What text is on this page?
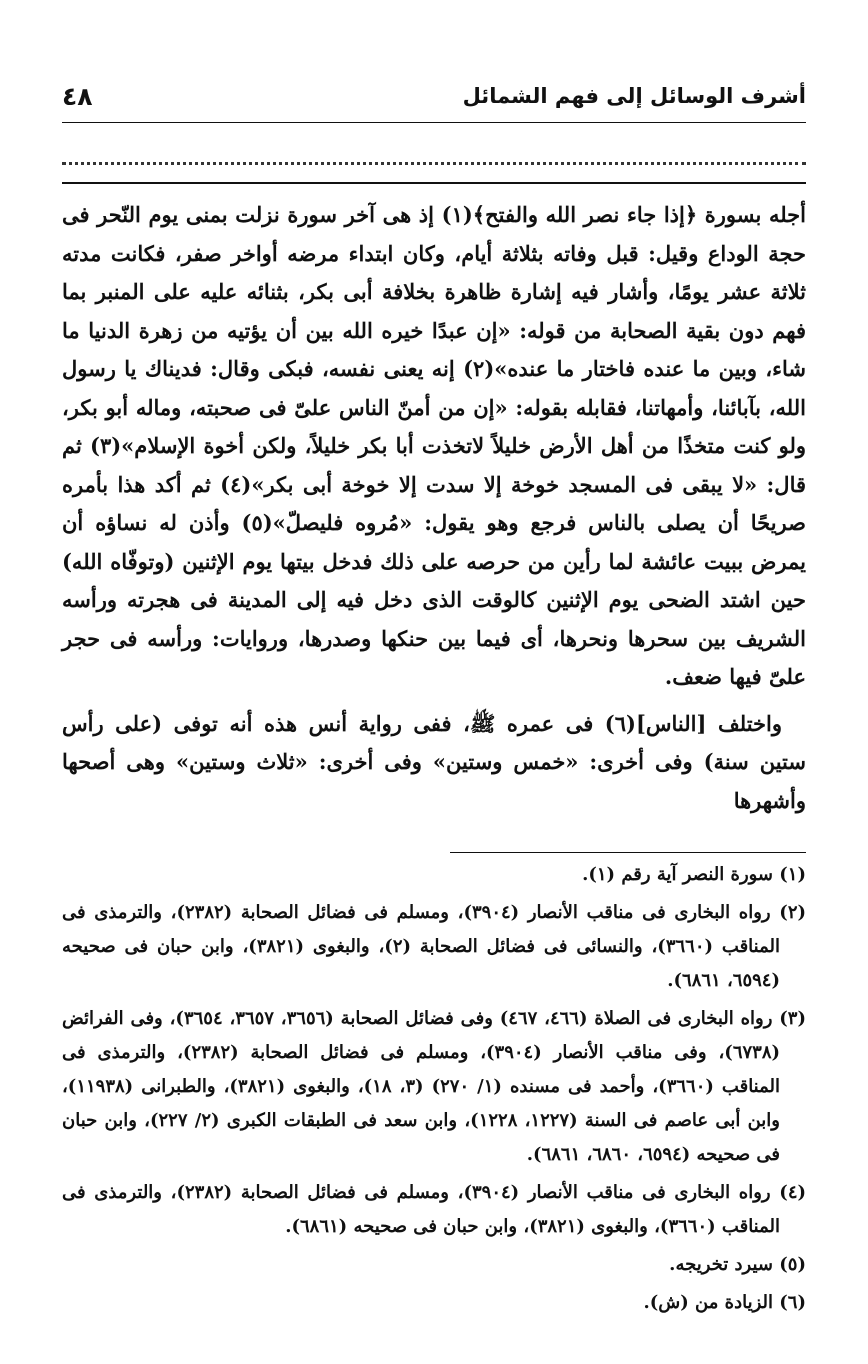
أشرف الوسائل إلى فهم الشمائل
٤٨

أجله بسورة ﴿إذا جاء نصر الله والفتح﴾(١) إذ هى آخر سورة نزلت بمنى يوم النّحر فى حجة الوداع وقيل: قبل وفاته بثلاثة أيام، وكان ابتداء مرضه أواخر صفر، فكانت مدته ثلاثة عشر يومًا، وأشار فيه إشارة ظاهرة بخلافة أبى بكر، بثنائه عليه على المنبر بما فهم دون بقية الصحابة من قوله: «إن عبدًا خيره الله بين أن يؤتيه من زهرة الدنيا ما شاء، وبين ما عنده فاختار ما عنده»(٢) إنه يعنى نفسه، فبكى وقال: فديناك يا رسول الله، بآبائنا، وأمهاتنا، فقابله بقوله: «إن من أمنّ الناس علىّ فى صحبته، وماله أبو بكر، ولو كنت متخذًا من أهل الأرض خليلاً لاتخذت أبا بكر خليلاً، ولكن أخوة الإسلام»(٣) ثم قال: «لا يبقى فى المسجد خوخة إلا سدت إلا خوخة أبى بكر»(٤) ثم أكد هذا بأمره صريحًا أن يصلى بالناس فرجع وهو يقول: «مُروه فليصلّ»(٥) وأذن له نساؤه أن يمرض ببيت عائشة لما رأين من حرصه على ذلك فدخل بيتها يوم الإثنين (وتوفّاه الله) حين اشتد الضحى يوم الإثنين كالوقت الذى دخل فيه إلى المدينة فى هجرته ورأسه الشريف بين سحرها ونحرها، أى فيما بين حنكها وصدرها، وروايات: ورأسه فى حجر علىّ فيها ضعف.

واختلف [الناس](٦) فى عمره ﷺ، ففى رواية أنس هذه أنه توفى (على رأس ستين سنة) وفى أخرى: «خمس وستين» وفى أخرى: «ثلاث وستين» وهى أصحها وأشهرها

(١) سورة النصر آية رقم (١).

(٢) رواه البخارى فى مناقب الأنصار (٣٩٠٤)، ومسلم فى فضائل الصحابة (٢٣٨٢)، والترمذى فى المناقب (٣٦٦٠)، والنسائى فى فضائل الصحابة (٢)، والبغوى (٣٨٢١)، وابن حبان فى صحيحه (٦٥٩٤، ٦٨٦١).

(٣) رواه البخارى فى الصلاة (٤٦٦، ٤٦٧) وفى فضائل الصحابة (٣٦٥٦، ٣٦٥٧، ٣٦٥٤)، وفى الفرائض (٦٧٣٨)، وفى مناقب الأنصار (٣٩٠٤)، ومسلم فى فضائل الصحابة (٢٣٨٢)، والترمذى فى المناقب (٣٦٦٠)، وأحمد فى مسنده (١/ ٢٧٠) (٣، ١٨)، والبغوى (٣٨٢١)، والطبرانى (١١٩٣٨)، وابن أبى عاصم فى السنة (١٢٢٧، ١٢٢٨)، وابن سعد فى الطبقات الكبرى (٢/ ٢٢٧)، وابن حبان فى صحيحه (٦٥٩٤، ٦٨٦٠، ٦٨٦١).

(٤) رواه البخارى فى مناقب الأنصار (٣٩٠٤)، ومسلم فى فضائل الصحابة (٢٣٨٢)، والترمذى فى المناقب (٣٦٦٠)، والبغوى (٣٨٢١)، وابن حبان فى صحيحه (٦٨٦١).

(٥) سيرد تخريجه.

(٦) الزيادة من (ش).
